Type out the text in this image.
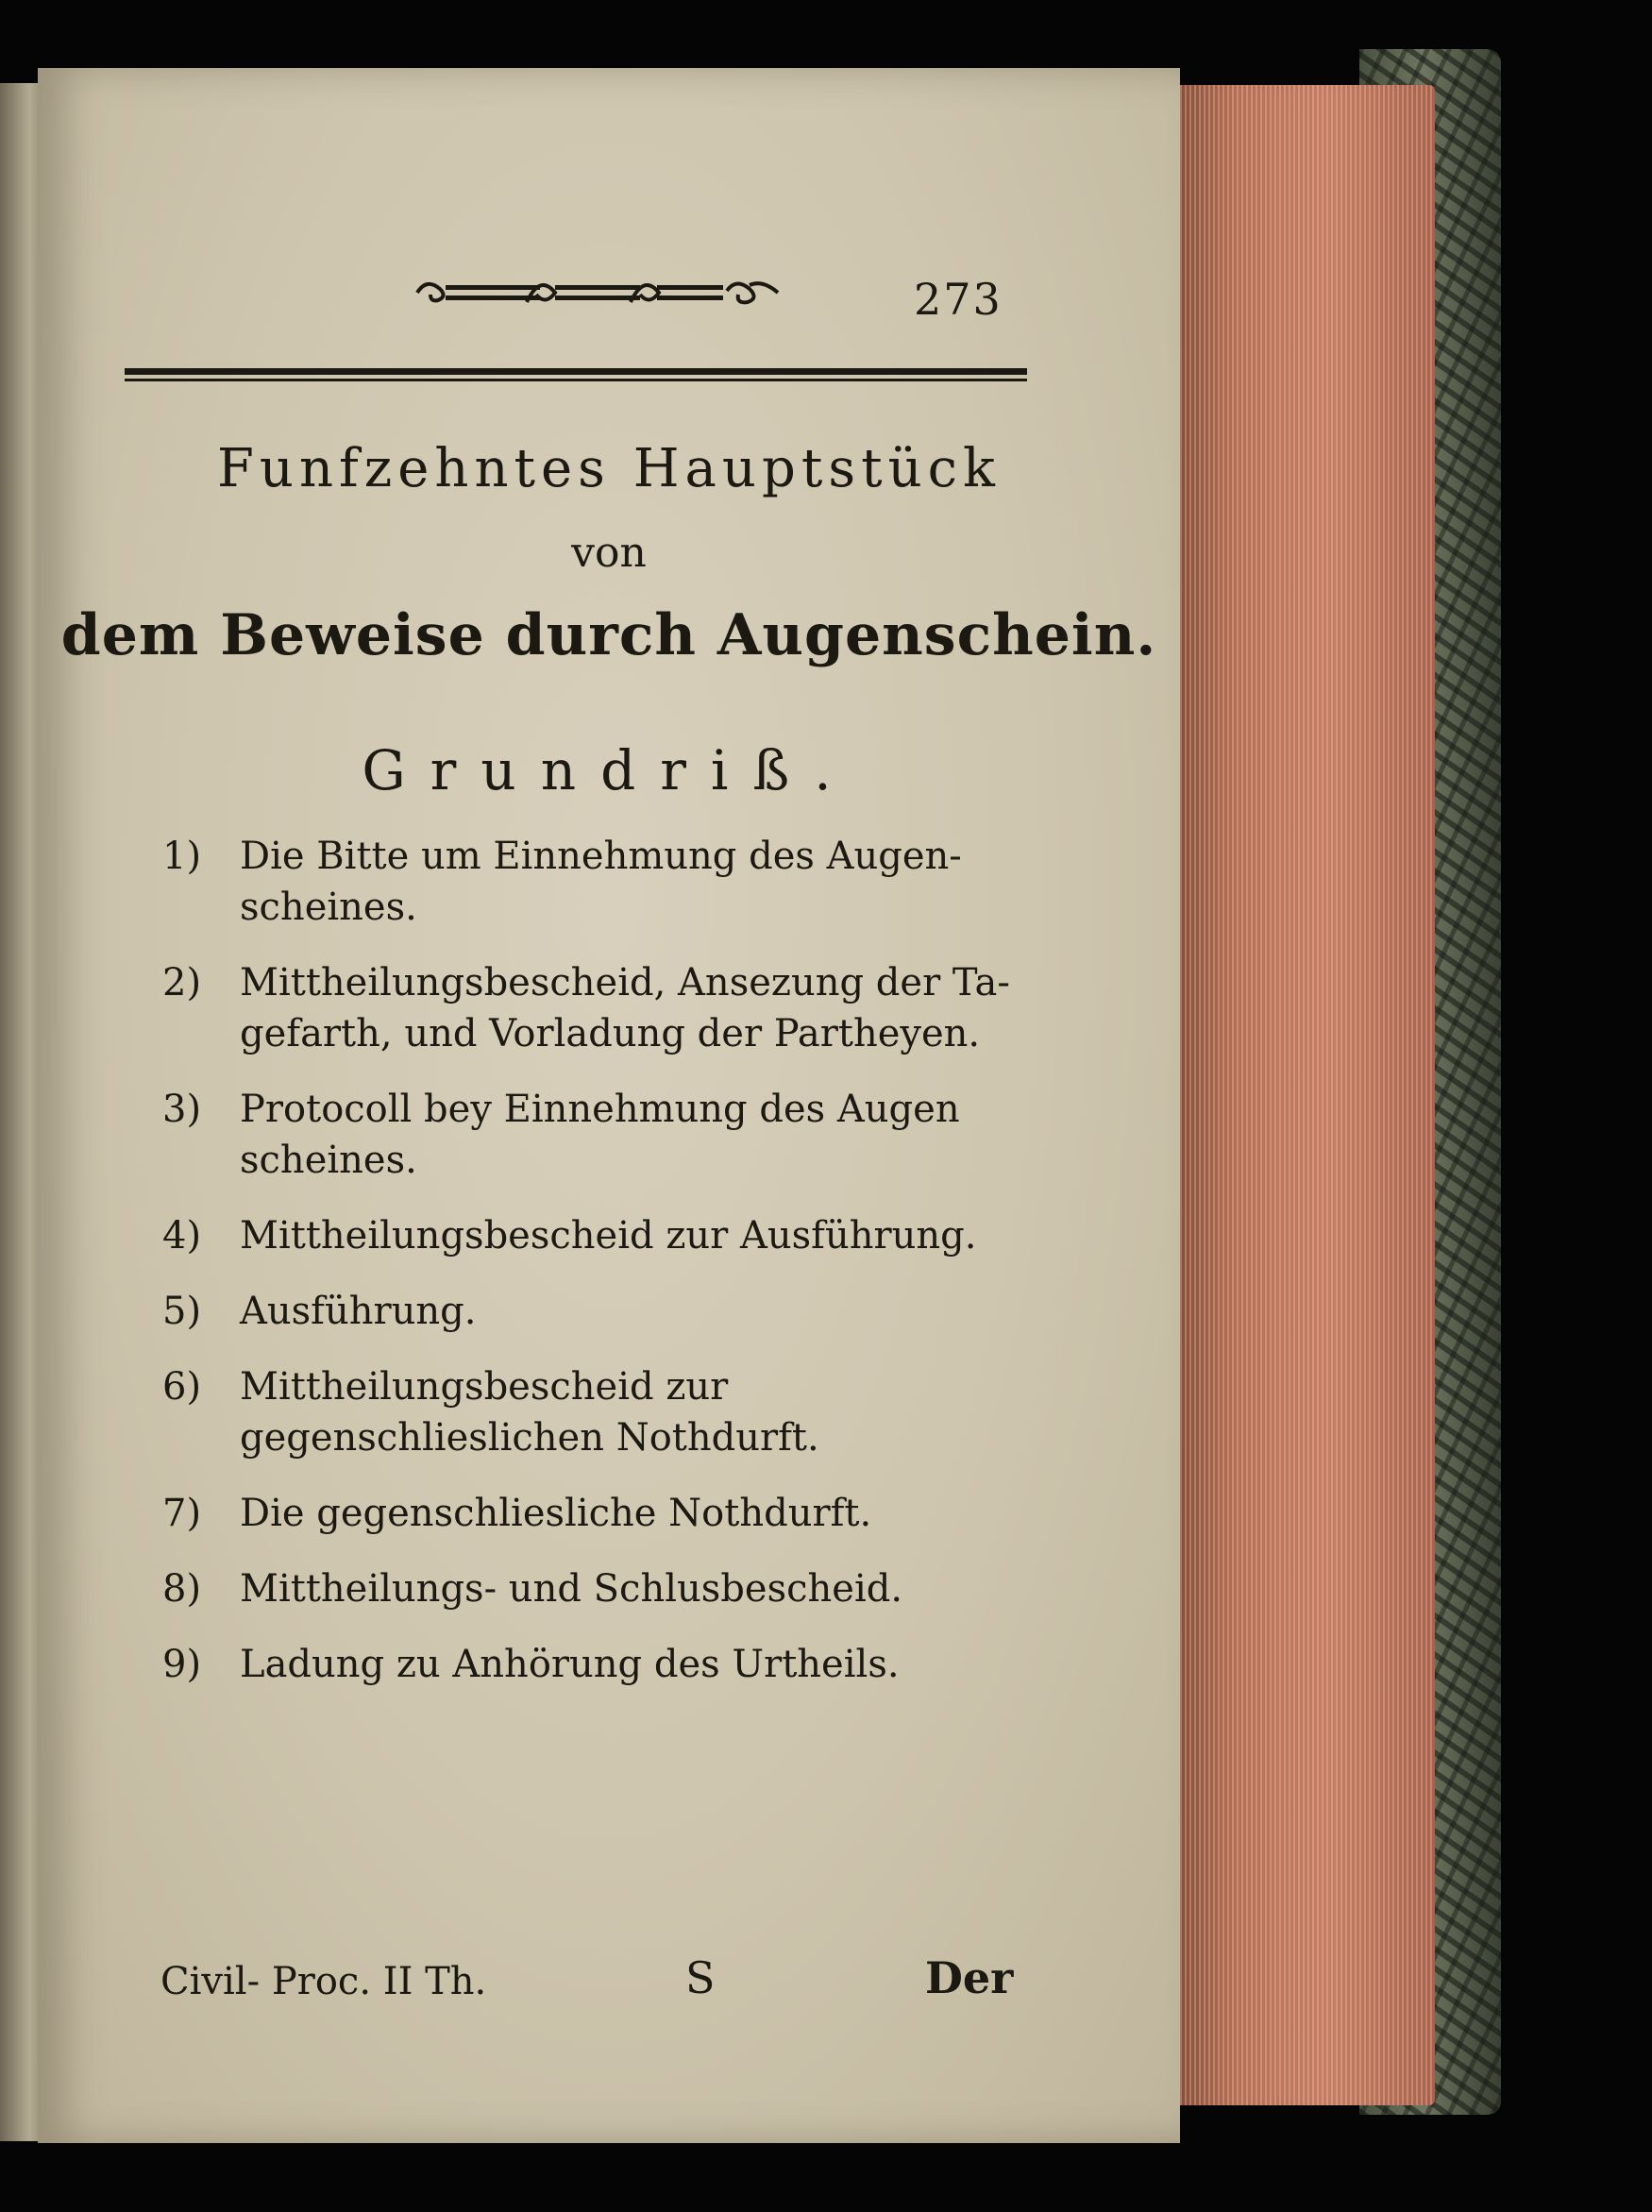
273
Funfzehntes Hauptstück
von
dem Beweise durch Augenschein.
Grundriß.
1) Die Bitte um Einnehmung des Augen- scheines.
2) Mittheilungsbescheid, Ansezung der Ta- gefarth, und Vorladung der Partheyen.
3) Protocoll bey Einnehmung des Augen scheines.
4) Mittheilungsbescheid zur Ausführung.
5) Ausführung.
6) Mittheilungsbescheid zur gegenschlieslichen Nothdurft.
7) Die gegenschliesliche Nothdurft.
8) Mittheilungs- und Schlusbescheid.
9) Ladung zu Anhörung des Urtheils.
Civil- Proc. II Th.	S	Der
